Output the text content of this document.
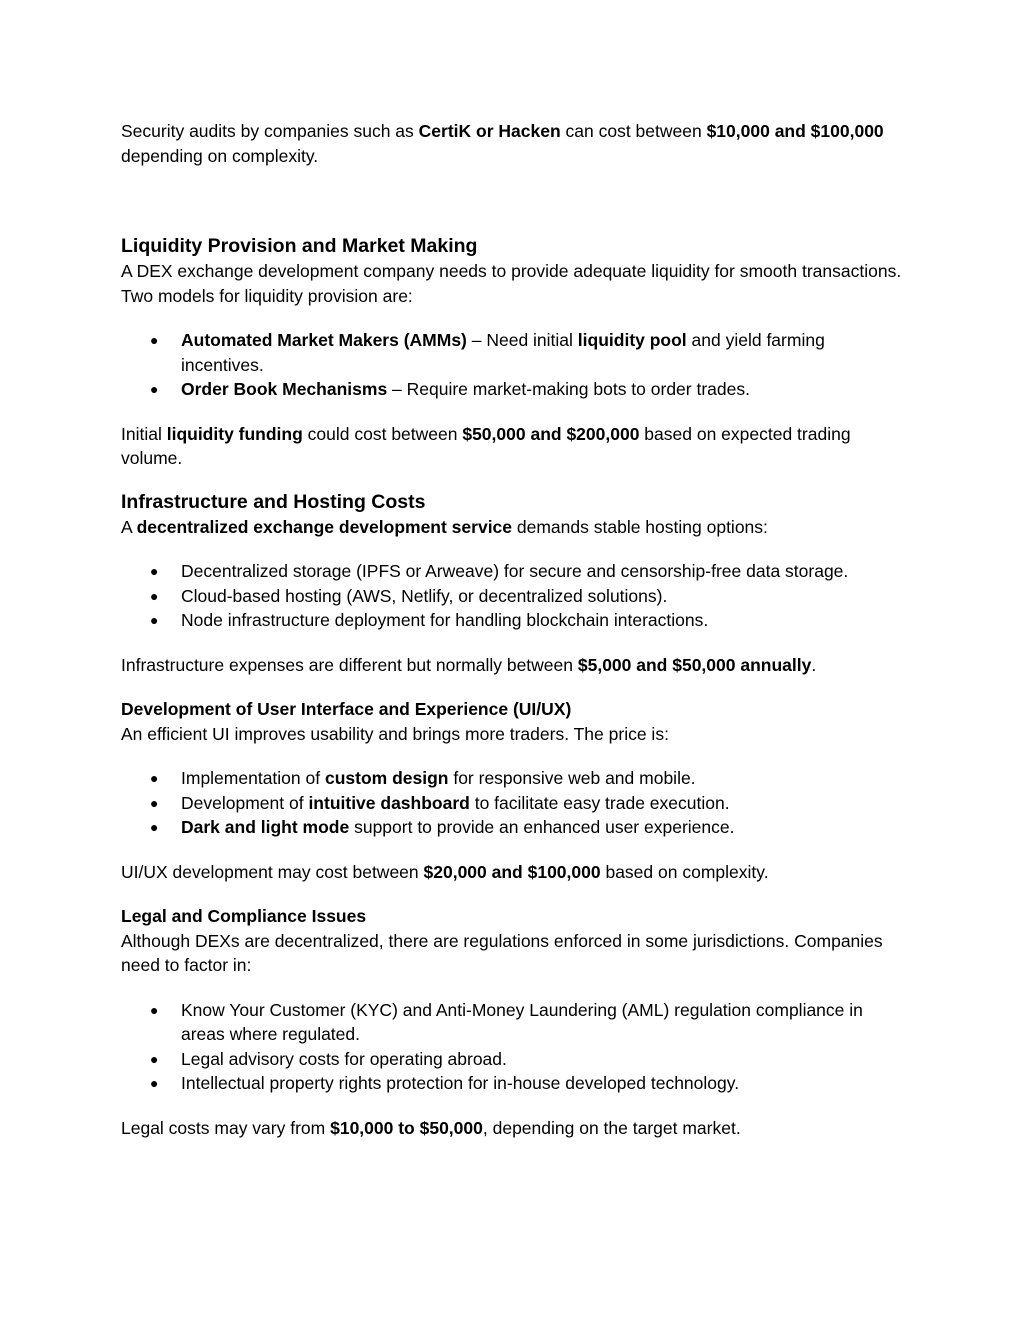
Security audits by companies such as CertiK or Hacken can cost between $10,000 and $100,000 depending on complexity.

Liquidity Provision and Market Making

A DEX exchange development company needs to provide adequate liquidity for smooth transactions. Two models for liquidity provision are:

● Automated Market Makers (AMMs) – Need initial liquidity pool and yield farming incentives.
● Order Book Mechanisms – Require market-making bots to order trades.

Initial liquidity funding could cost between $50,000 and $200,000 based on expected trading volume.

Infrastructure and Hosting Costs

A decentralized exchange development service demands stable hosting options:

● Decentralized storage (IPFS or Arweave) for secure and censorship-free data storage.
● Cloud-based hosting (AWS, Netlify, or decentralized solutions).
● Node infrastructure deployment for handling blockchain interactions.

Infrastructure expenses are different but normally between $5,000 and $50,000 annually.

Development of User Interface and Experience (UI/UX)

An efficient UI improves usability and brings more traders. The price is:

● Implementation of custom design for responsive web and mobile.
● Development of intuitive dashboard to facilitate easy trade execution.
● Dark and light mode support to provide an enhanced user experience.

UI/UX development may cost between $20,000 and $100,000 based on complexity.

Legal and Compliance Issues

Although DEXs are decentralized, there are regulations enforced in some jurisdictions. Companies need to factor in:

● Know Your Customer (KYC) and Anti-Money Laundering (AML) regulation compliance in areas where regulated.
● Legal advisory costs for operating abroad.
● Intellectual property rights protection for in-house developed technology.

Legal costs may vary from $10,000 to $50,000, depending on the target market.
